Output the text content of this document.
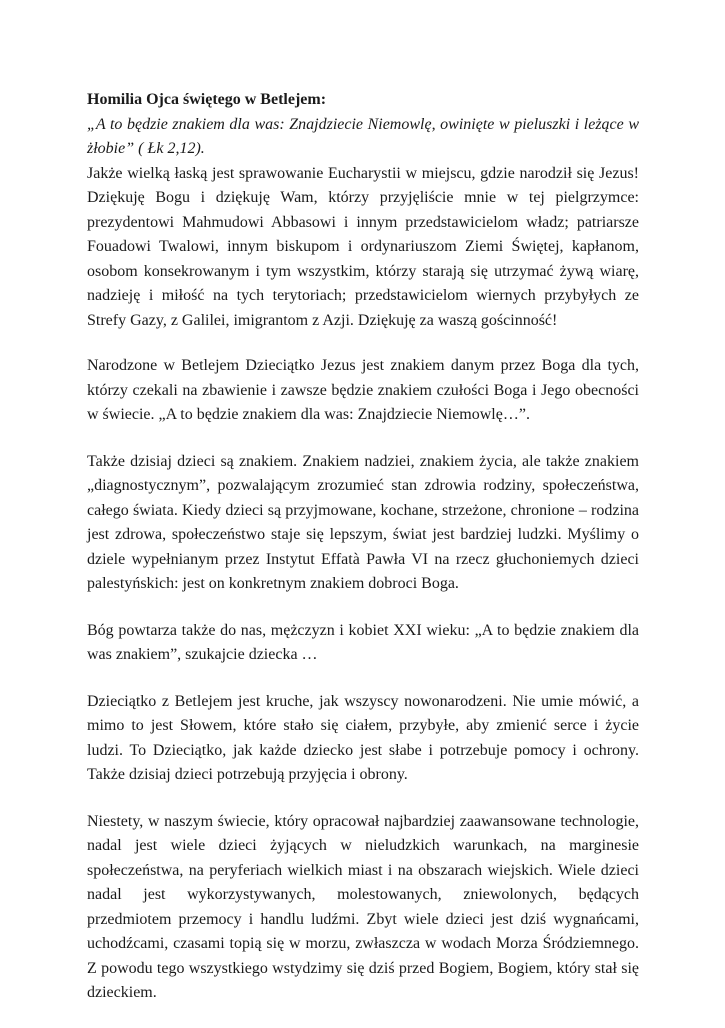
Homilia Ojca świętego w Betlejem:

„A to będzie znakiem dla was: Znajdziecie Niemowlę, owinięte w pieluszki i leżące w żłobie” ( Łk 2,12).

Jakże wielką łaską jest sprawowanie Eucharystii w miejscu, gdzie narodził się Jezus! Dziękuję Bogu i dziękuję Wam, którzy przyjęliście mnie w tej pielgrzymce: prezydentowi Mahmudowi Abbasowi i innym przedstawicielom władz; patriarsze Fouadowi Twalowi, innym biskupom i ordynariuszom Ziemi Świętej, kapłanom, osobom konsekrowanym i tym wszystkim, którzy starają się utrzymać żywą wiarę, nadzieję i miłość na tych terytoriach; przedstawicielom wiernych przybyłych ze Strefy Gazy, z Galilei, imigrantom z Azji. Dziękuję za waszą gościnność!

Narodzone w Betlejem Dzieciątko Jezus jest znakiem danym przez Boga dla tych, którzy czekali na zbawienie i zawsze będzie znakiem czułości Boga i Jego obecności w świecie. „A to będzie znakiem dla was: Znajdziecie Niemowlę…”.

Także dzisiaj dzieci są znakiem. Znakiem nadziei, znakiem życia, ale także znakiem „diagnostycznym”, pozwalającym zrozumieć stan zdrowia rodziny, społeczeństwa, całego świata. Kiedy dzieci są przyjmowane, kochane, strzeżone, chronione – rodzina jest zdrowa, społeczeństwo staje się lepszym, świat jest bardziej ludzki. Myślimy o dziele wypełnianym przez Instytut Effatà Pawła VI na rzecz głuchoniemych dzieci palestyńskich: jest on konkretnym znakiem dobroci Boga.

Bóg powtarza także do nas, mężczyzn i kobiet XXI wieku: „A to będzie znakiem dla was znakiem”, szukajcie dziecka …

Dzieciątko z Betlejem jest kruche, jak wszyscy nowonarodzeni. Nie umie mówić, a mimo to jest Słowem, które stało się ciałem, przybyłe, aby zmienić serce i życie ludzi. To Dzieciątko, jak każde dziecko jest słabe i potrzebuje pomocy i ochrony. Także dzisiaj dzieci potrzebują przyjęcia i obrony.

Niestety, w naszym świecie, który opracował najbardziej zaawansowane technologie, nadal jest wiele dzieci żyjących w nieludzkich warunkach, na marginesie społeczeństwa, na peryferiach wielkich miast i na obszarach wiejskich. Wiele dzieci nadal jest wykorzystywanych, molestowanych, zniewolonych, będących przedmiotem przemocy i handlu ludźmi. Zbyt wiele dzieci jest dziś wygnańcami, uchodźcami, czasami topią się w morzu, zwłaszcza w wodach Morza Śródziemnego. Z powodu tego wszystkiego wstydzimy się dziś przed Bogiem, Bogiem, który stał się dzieckiem.
